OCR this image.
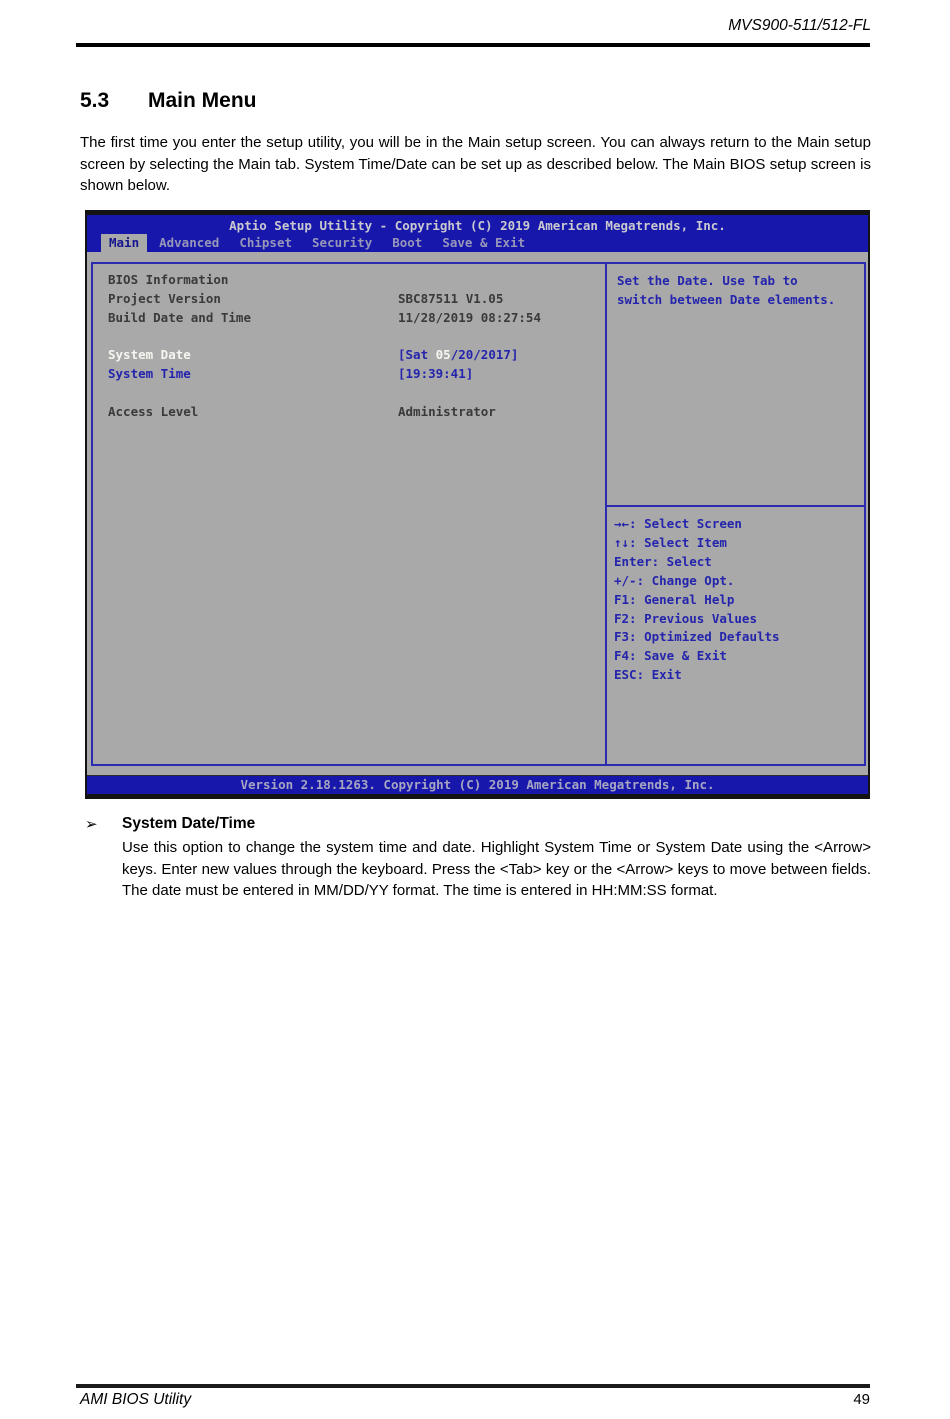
MVS900-511/512-FL
5.3 Main Menu
The first time you enter the setup utility, you will be in the Main setup screen. You can always return to the Main setup screen by selecting the Main tab. System Time/Date can be set up as described below. The Main BIOS setup screen is shown below.
Aptio Setup Utility - Copyright (C) 2019 American Megatrends, Inc.
Main	Advanced	Chipset	Security	Boot	Save & Exit
BIOS Information
Project Version	SBC87511 V1.05
Build Date and Time	11/28/2019 08:27:54
System Date	[Sat 05/20/2017]
System Time	[19:39:41]
Access Level	Administrator
Set the Date. Use Tab to
switch between Date elements.
→←: Select Screen
↑↓: Select Item
Enter: Select
+/-: Change Opt.
F1: General Help
F2: Previous Values
F3: Optimized Defaults
F4: Save & Exit
ESC: Exit
Version 2.18.1263. Copyright (C) 2019 American Megatrends, Inc.
➢ System Date/Time
Use this option to change the system time and date. Highlight System Time or System Date using the <Arrow> keys. Enter new values through the keyboard. Press the <Tab> key or the <Arrow> keys to move between fields. The date must be entered in MM/DD/YY format. The time is entered in HH:MM:SS format.
AMI BIOS Utility	49
